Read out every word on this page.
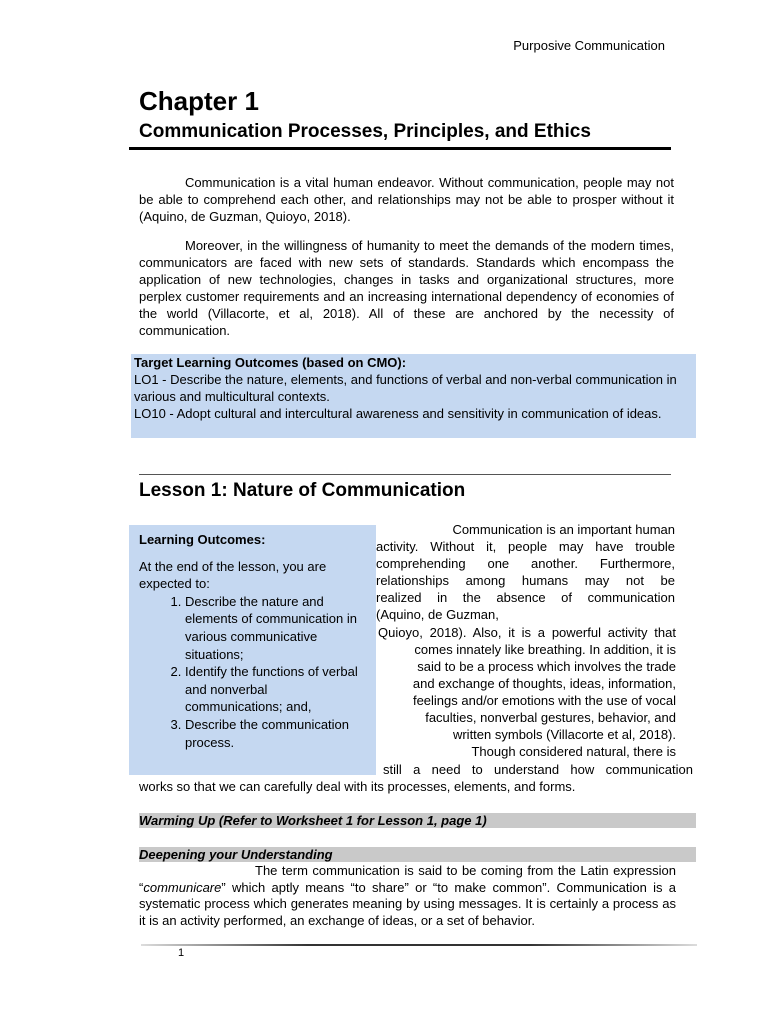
Purposive Communication
Chapter 1
Communication Processes, Principles, and Ethics

Communication is a vital human endeavor. Without communication, people may not be able to comprehend each other, and relationships may not be able to prosper without it (Aquino, de Guzman, Quioyo, 2018).

Moreover, in the willingness of humanity to meet the demands of the modern times, communicators are faced with new sets of standards. Standards which encompass the application of new technologies, changes in tasks and organizational structures, more perplex customer requirements and an increasing international dependency of economies of the world (Villacorte, et al, 2018). All of these are anchored by the necessity of communication.

Target Learning Outcomes (based on CMO):

LO1 - Describe the nature, elements, and functions of verbal and non-verbal communication in various and multicultural contexts.

LO10 - Adopt cultural and intercultural awareness and sensitivity in communication of ideas.

Lesson 1: Nature of Communication

Learning Outcomes:

At the end of the lesson, you are expected to:

1. Describe the nature and elements of communication in various communicative situations;
2. Identify the functions of verbal and nonverbal communications; and,
3. Describe the communication process.
Communication is an important human
activity. Without it, people may have trouble
comprehending one another. Furthermore,
relationships among humans may not be
realized in the absence of communication
(Aquino, de Guzman,
Quioyo, 2018). Also, it is a powerful activity that
comes innately like breathing. In addition, it is
said to be a process which involves the trade
and exchange of thoughts, ideas, information,
feelings and/or emotions with the use of vocal
faculties, nonverbal gestures, behavior, and
written symbols (Villacorte et al, 2018).
Though considered natural, there is
still a need to understand how communication
works so that we can carefully deal with its processes, elements, and forms.
Warming Up (Refer to Worksheet 1 for Lesson 1, page 1)
Deepening your Understanding

The term communication is said to be coming from the Latin expression “communicare” which aptly means “to share” or “to make common”. Communication is a systematic process which generates meaning by using messages. It is certainly a process as it is an activity performed, an exchange of ideas, or a set of behavior.

1
